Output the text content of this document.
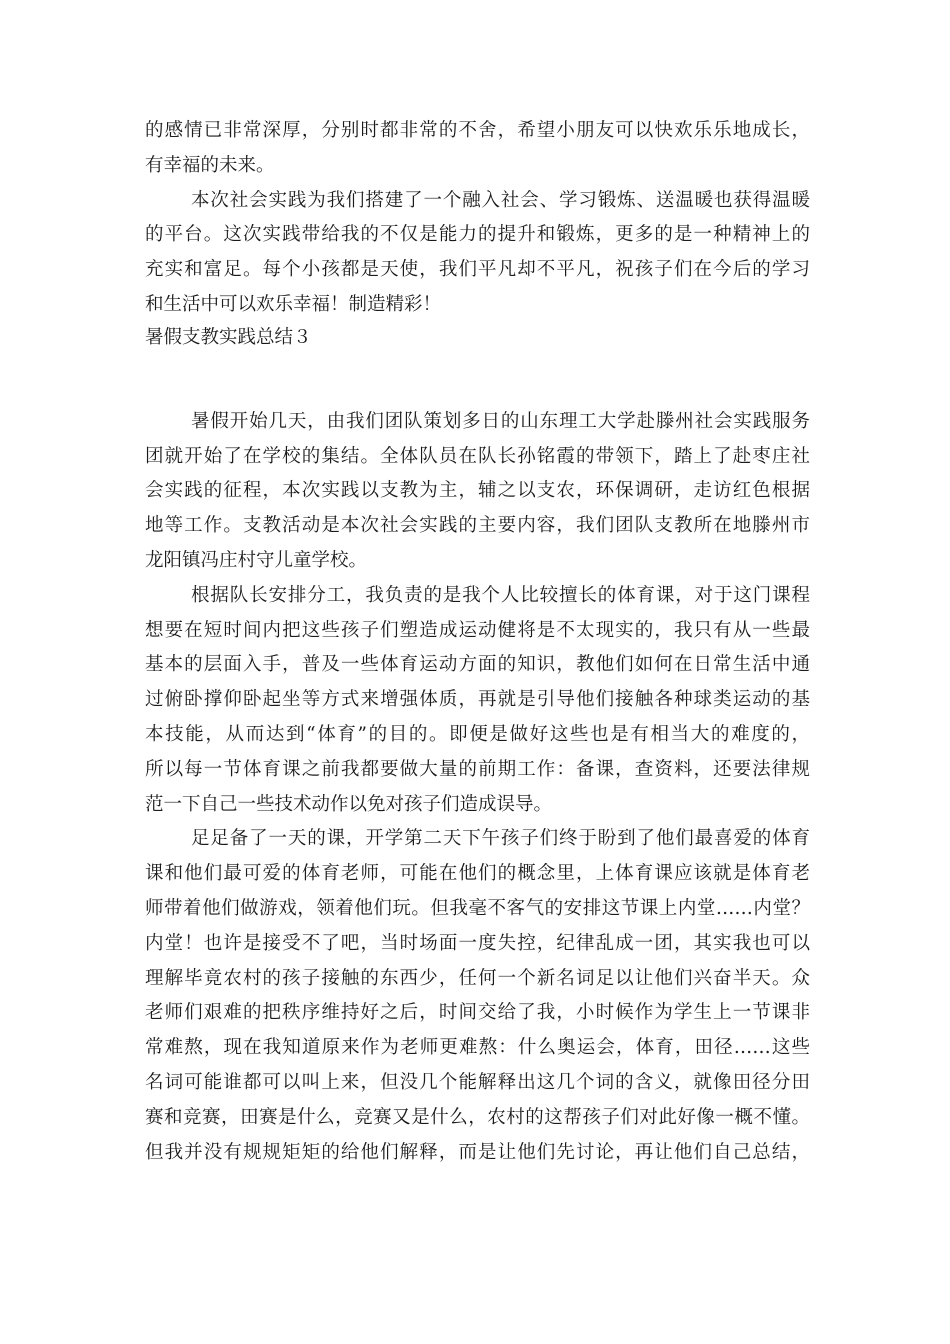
的感情已非常深厚，分别时都非常的不舍，希望小朋友可以快欢乐乐地成长，
有幸福的未来。
本次社会实践为我们搭建了一个融入社会、学习锻炼、送温暖也获得温暖
的平台。这次实践带给我的不仅是能力的提升和锻炼，更多的是一种精神上的
充实和富足。每个小孩都是天使，我们平凡却不平凡，祝孩子们在今后的学习
和生活中可以欢乐幸福！制造精彩！
暑假支教实践总结３
暑假开始几天，由我们团队策划多日的山东理工大学赴滕州社会实践服务
团就开始了在学校的集结。全体队员在队长孙铭霞的带领下，踏上了赴枣庄社
会实践的征程，本次实践以支教为主，辅之以支农，环保调研，走访红色根据
地等工作。支教活动是本次社会实践的主要内容，我们团队支教所在地滕州市
龙阳镇冯庄村守儿童学校。
根据队长安排分工，我负责的是我个人比较擅长的体育课，对于这门课程
想要在短时间内把这些孩子们塑造成运动健将是不太现实的，我只有从一些最
基本的层面入手，普及一些体育运动方面的知识，教他们如何在日常生活中通
过俯卧撑仰卧起坐等方式来增强体质，再就是引导他们接触各种球类运动的基
本技能，从而达到“体育”的目的。即便是做好这些也是有相当大的难度的，
所以每一节体育课之前我都要做大量的前期工作：备课，查资料，还要法律规
范一下自己一些技术动作以免对孩子们造成误导。
足足备了一天的课，开学第二天下午孩子们终于盼到了他们最喜爱的体育
课和他们最可爱的体育老师，可能在他们的概念里，上体育课应该就是体育老
师带着他们做游戏，领着他们玩。但我毫不客气的安排这节课上内堂……内堂？
内堂！也许是接受不了吧，当时场面一度失控，纪律乱成一团，其实我也可以
理解毕竟农村的孩子接触的东西少，任何一个新名词足以让他们兴奋半天。众
老师们艰难的把秩序维持好之后，时间交给了我，小时候作为学生上一节课非
常难熬，现在我知道原来作为老师更难熬：什么奥运会，体育，田径……这些
名词可能谁都可以叫上来，但没几个能解释出这几个词的含义，就像田径分田
赛和竞赛，田赛是什么，竞赛又是什么，农村的这帮孩子们对此好像一概不懂。
但我并没有规规矩矩的给他们解释，而是让他们先讨论，再让他们自己总结，
